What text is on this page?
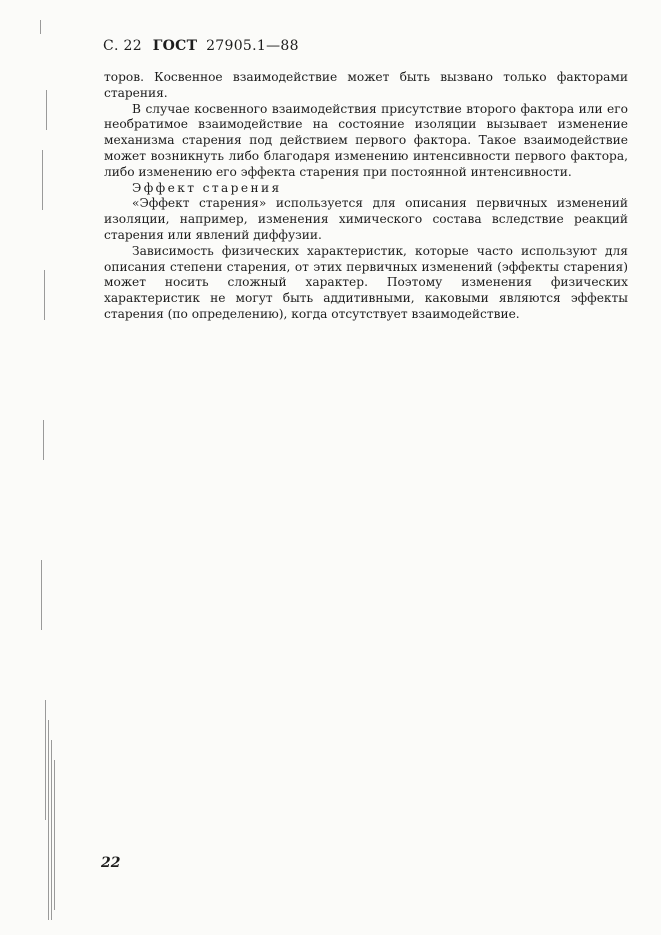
С. 22 ГОСТ 27905.1—88

торов. Косвенное взаимодействие может быть вызвано только факторами старения.

В случае косвенного взаимодействия присутствие второго фактора или его необратимое взаимодействие на состояние изоляции вызывает изменение механизма старения под действием первого фактора. Такое взаимодействие может возникнуть либо благодаря изменению интенсивности первого фактора, либо изменению его эффекта старения при постоянной интенсивности.

Эффект старения

«Эффект старения» используется для описания первичных изменений изоляции, например, изменения химического состава вследствие реакций старения или явлений диффузии.

Зависимость физических характеристик, которые часто используют для описания степени старения, от этих первичных изменений (эффекты старения) может носить сложный характер. Поэтому изменения физических характеристик не могут быть аддитивными, каковыми являются эффекты старения (по определению), когда отсутствует взаимодействие.

22
